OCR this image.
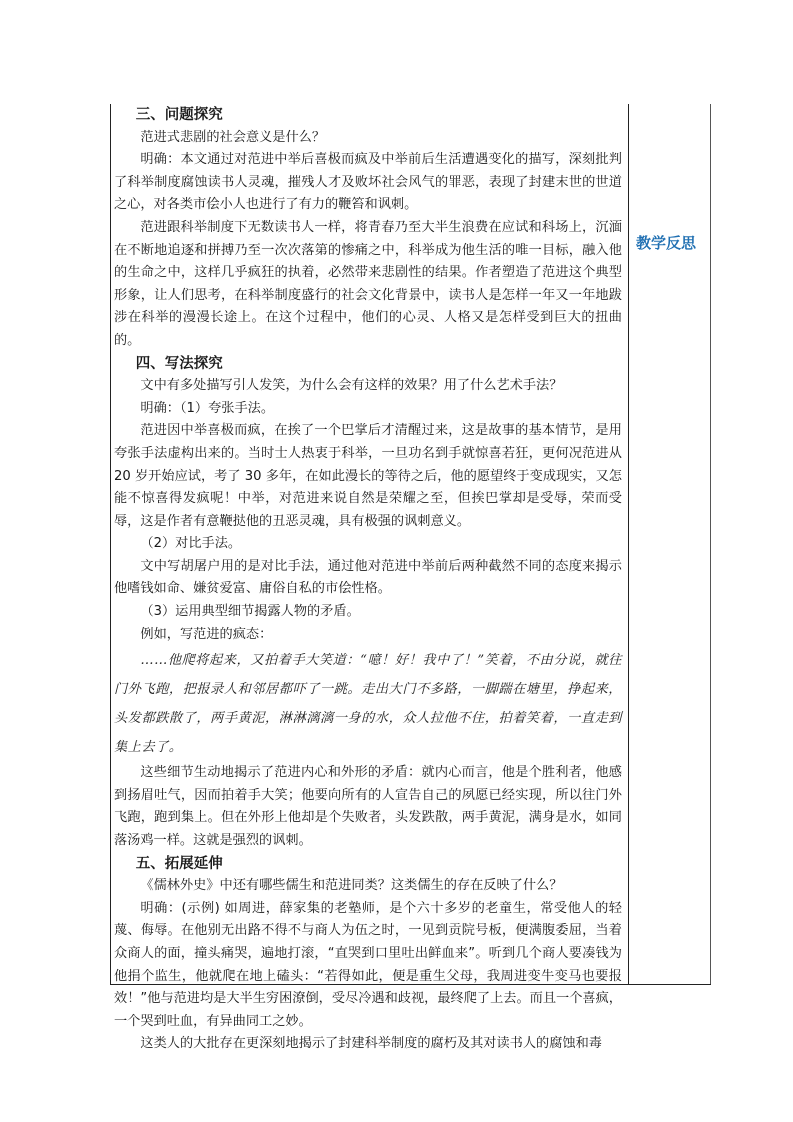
三、问题探究

范进式悲剧的社会意义是什么？

明确：本文通过对范进中举后喜极而疯及中举前后生活遭遇变化的描写，深刻批判了科举制度腐蚀读书人灵魂，摧残人才及败坏社会风气的罪恶，表现了封建末世的世道之心，对各类市侩小人也进行了有力的鞭笞和讽刺。

范进跟科举制度下无数读书人一样，将青春乃至大半生浪费在应试和科场上，沉湎在不断地追逐和拼搏乃至一次次落第的惨痛之中，科举成为他生活的唯一目标，融入他的生命之中，这样几乎疯狂的执着，必然带来悲剧性的结果。作者塑造了范进这个典型形象，让人们思考，在科举制度盛行的社会文化背景中，读书人是怎样一年又一年地跋涉在科举的漫漫长途上。在这个过程中，他们的心灵、人格又是怎样受到巨大的扭曲的。

四、写法探究

文中有多处描写引人发笑，为什么会有这样的效果？用了什么艺术手法？

明确：（1）夸张手法。

范进因中举喜极而疯，在挨了一个巴掌后才清醒过来，这是故事的基本情节，是用夸张手法虚构出来的。当时士人热衷于科举，一旦功名到手就惊喜若狂，更何况范进从 20 岁开始应试，考了 30 多年，在如此漫长的等待之后，他的愿望终于变成现实，又怎能不惊喜得发疯呢！中举，对范进来说自然是荣耀之至，但挨巴掌却是受辱，荣而受辱，这是作者有意鞭挞他的丑恶灵魂，具有极强的讽刺意义。

（2）对比手法。

文中写胡屠户用的是对比手法，通过他对范进中举前后两种截然不同的态度来揭示他嗜钱如命、嫌贫爱富、庸俗自私的市侩性格。

（3）运用典型细节揭露人物的矛盾。

例如，写范进的疯态：

……他爬将起来，又拍着手大笑道：“噫！好！我中了！”笑着，不由分说，就往门外飞跑，把报录人和邻居都吓了一跳。走出大门不多路，一脚踹在塘里，挣起来，头发都跌散了，两手黄泥，淋淋漓漓一身的水，众人拉他不住，拍着笑着，一直走到集上去了。

这些细节生动地揭示了范进内心和外形的矛盾：就内心而言，他是个胜利者，他感到扬眉吐气，因而拍着手大笑；他要向所有的人宣告自己的夙愿已经实现，所以往门外飞跑，跑到集上。但在外形上他却是个失败者，头发跌散，两手黄泥，满身是水，如同落汤鸡一样。这就是强烈的讽刺。

五、拓展延伸

《儒林外史》中还有哪些儒生和范进同类？这类儒生的存在反映了什么？

明确：(示例) 如周进，薛家集的老塾师，是个六十多岁的老童生，常受他人的轻蔑、侮辱。在他别无出路不得不与商人为伍之时，一见到贡院号板，便满腹委屈，当着众商人的面，撞头痛哭，遍地打滚，“直哭到口里吐出鲜血来”。听到几个商人要凑钱为他捐个监生，他就爬在地上磕头：“若得如此，便是重生父母，我周进变牛变马也要报效！”他与范进均是大半生穷困潦倒，受尽冷遇和歧视，最终爬了上去。而且一个喜疯，一个哭到吐血，有异曲同工之妙。

这类人的大批存在更深刻地揭示了封建科举制度的腐朽及其对读书人的腐蚀和毒

教学反思
